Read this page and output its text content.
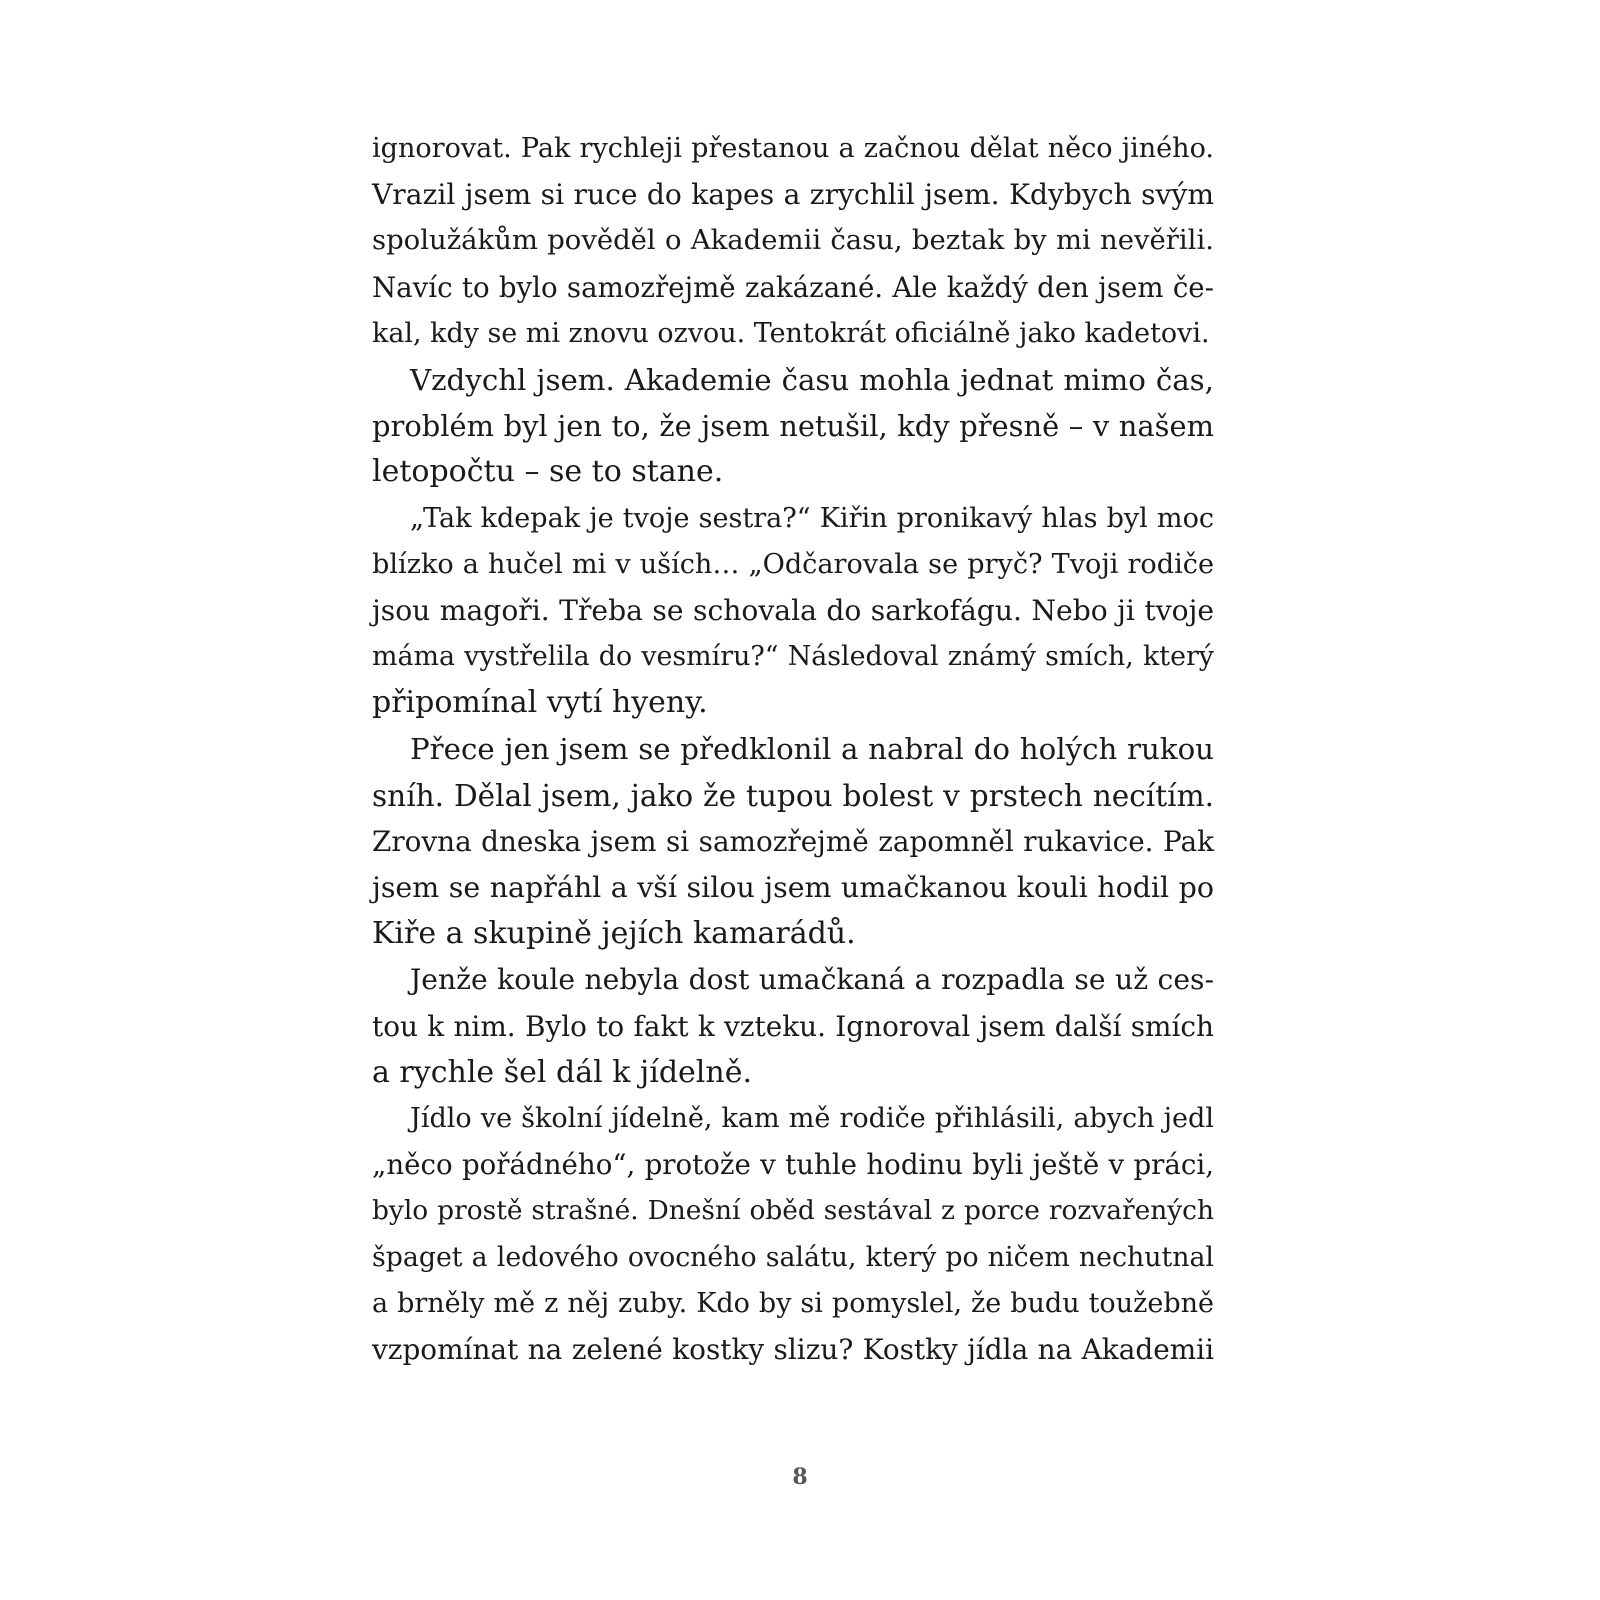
ignorovat. Pak rychleji přestanou a začnou dělat něco jiného.
Vrazil jsem si ruce do kapes a zrychlil jsem. Kdybych svým
spolužákům pověděl o Akademii času, beztak by mi nevěřili.
Navíc to bylo samozřejmě zakázané. Ale každý den jsem če-
kal, kdy se mi znovu ozvou. Tentokrát oficiálně jako kadetovi.
Vzdychl jsem. Akademie času mohla jednat mimo čas,
problém byl jen to, že jsem netušil, kdy přesně – v našem
letopočtu – se to stane.
„Tak kdepak je tvoje sestra?“ Kiřin pronikavý hlas byl moc
blízko a hučel mi v uších… „Odčarovala se pryč? Tvoji rodiče
jsou magoři. Třeba se schovala do sarkofágu. Nebo ji tvoje
máma vystřelila do vesmíru?“ Následoval známý smích, který
připomínal vytí hyeny.
Přece jen jsem se předklonil a nabral do holých rukou
sníh. Dělal jsem, jako že tupou bolest v prstech necítím.
Zrovna dneska jsem si samozřejmě zapomněl rukavice. Pak
jsem se napřáhl a vší silou jsem umačkanou kouli hodil po
Kiře a skupině jejích kamarádů.
Jenže koule nebyla dost umačkaná a rozpadla se už ces-
tou k nim. Bylo to fakt k vzteku. Ignoroval jsem další smích
a rychle šel dál k jídelně.
Jídlo ve školní jídelně, kam mě rodiče přihlásili, abych jedl
„něco pořádného“, protože v tuhle hodinu byli ještě v práci,
bylo prostě strašné. Dnešní oběd sestával z porce rozvařených
špaget a ledového ovocného salátu, který po ničem nechutnal
a brněly mě z něj zuby. Kdo by si pomyslel, že budu toužebně
vzpomínat na zelené kostky slizu? Kostky jídla na Akademii
8
